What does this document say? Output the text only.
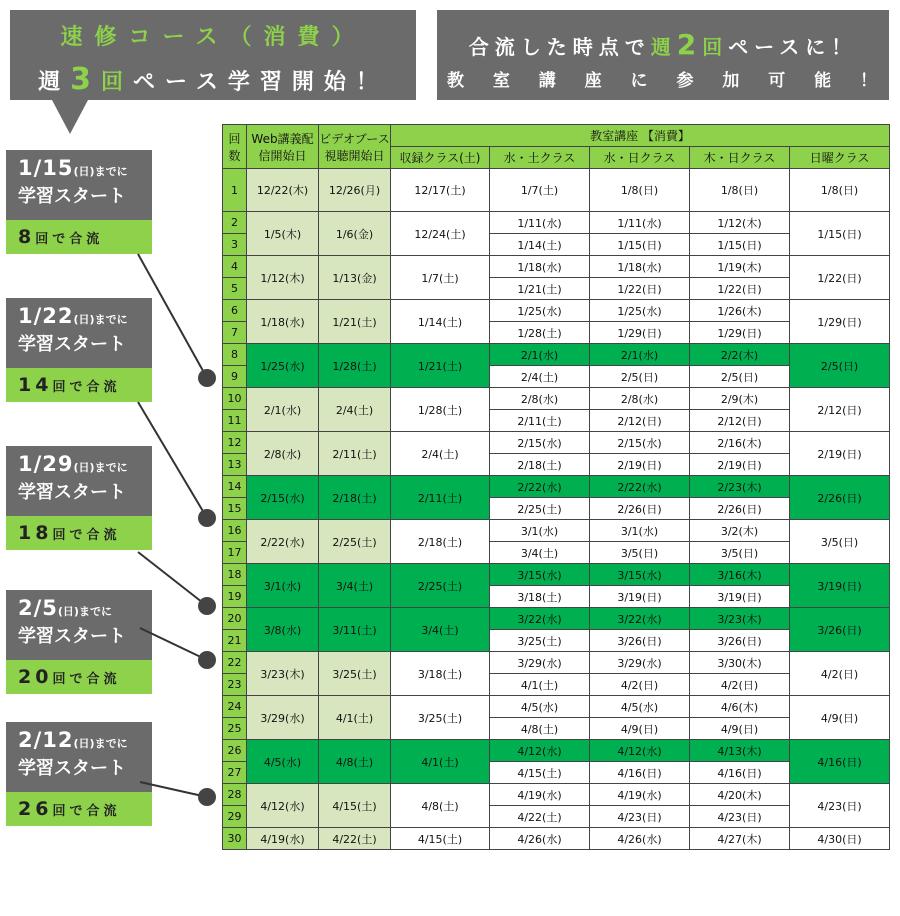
速修コース（消費）
週3回ペース学習開始！
合流した時点で週2回ペースに！
教室講座に参加可能！
1/15(日)までに
学習スタート
8回で合流
1/22(日)までに
学習スタート
14回で合流
1/29(日)までに
学習スタート
18回で合流
2/5(日)までに
学習スタート
20回で合流
2/12(日)までに
学習スタート
26回で合流
回数	Web講義配信開始日	ビデオブース視聴開始日	教室講座 【消費】				
			収録クラス(土)	水・土クラス	水・日クラス	木・日クラス	日曜クラス
1	12/22(木)	12/26(月)	12/17(土)	1/7(土)	1/8(日)	1/8(日)	1/8(日)
2	1/5(木)	1/6(金)	12/24(土)	1/11(水)	1/11(水)	1/12(木)	1/15(日)
3				1/14(土)	1/15(日)	1/15(日)	
4	1/12(木)	1/13(金)	1/7(土)	1/18(水)	1/18(水)	1/19(木)	1/22(日)
5				1/21(土)	1/22(日)	1/22(日)	
6	1/18(水)	1/21(土)	1/14(土)	1/25(水)	1/25(水)	1/26(木)	1/29(日)
7				1/28(土)	1/29(日)	1/29(日)	
8	1/25(水)	1/28(土)	1/21(土)	2/1(水)	2/1(水)	2/2(木)	2/5(日)
9				2/4(土)	2/5(日)	2/5(日)	
10	2/1(水)	2/4(土)	1/28(土)	2/8(水)	2/8(水)	2/9(木)	2/12(日)
11				2/11(土)	2/12(日)	2/12(日)	
12	2/8(水)	2/11(土)	2/4(土)	2/15(水)	2/15(水)	2/16(木)	2/19(日)
13				2/18(土)	2/19(日)	2/19(日)	
14	2/15(水)	2/18(土)	2/11(土)	2/22(水)	2/22(水)	2/23(木)	2/26(日)
15				2/25(土)	2/26(日)	2/26(日)	
16	2/22(水)	2/25(土)	2/18(土)	3/1(水)	3/1(水)	3/2(木)	3/5(日)
17				3/4(土)	3/5(日)	3/5(日)	
18	3/1(水)	3/4(土)	2/25(土)	3/15(水)	3/15(水)	3/16(木)	3/19(日)
19				3/18(土)	3/19(日)	3/19(日)	
20	3/8(水)	3/11(土)	3/4(土)	3/22(水)	3/22(水)	3/23(木)	3/26(日)
21				3/25(土)	3/26(日)	3/26(日)	
22	3/23(木)	3/25(土)	3/18(土)	3/29(水)	3/29(水)	3/30(木)	4/2(日)
23				4/1(土)	4/2(日)	4/2(日)	
24	3/29(水)	4/1(土)	3/25(土)	4/5(水)	4/5(水)	4/6(木)	4/9(日)
25				4/8(土)	4/9(日)	4/9(日)	
26	4/5(水)	4/8(土)	4/1(土)	4/12(水)	4/12(水)	4/13(木)	4/16(日)
27				4/15(土)	4/16(日)	4/16(日)	
28	4/12(水)	4/15(土)	4/8(土)	4/19(水)	4/19(水)	4/20(木)	4/23(日)
29				4/22(土)	4/23(日)	4/23(日)	
30	4/19(水)	4/22(土)	4/15(土)	4/26(水)	4/26(水)	4/27(木)	4/30(日)
